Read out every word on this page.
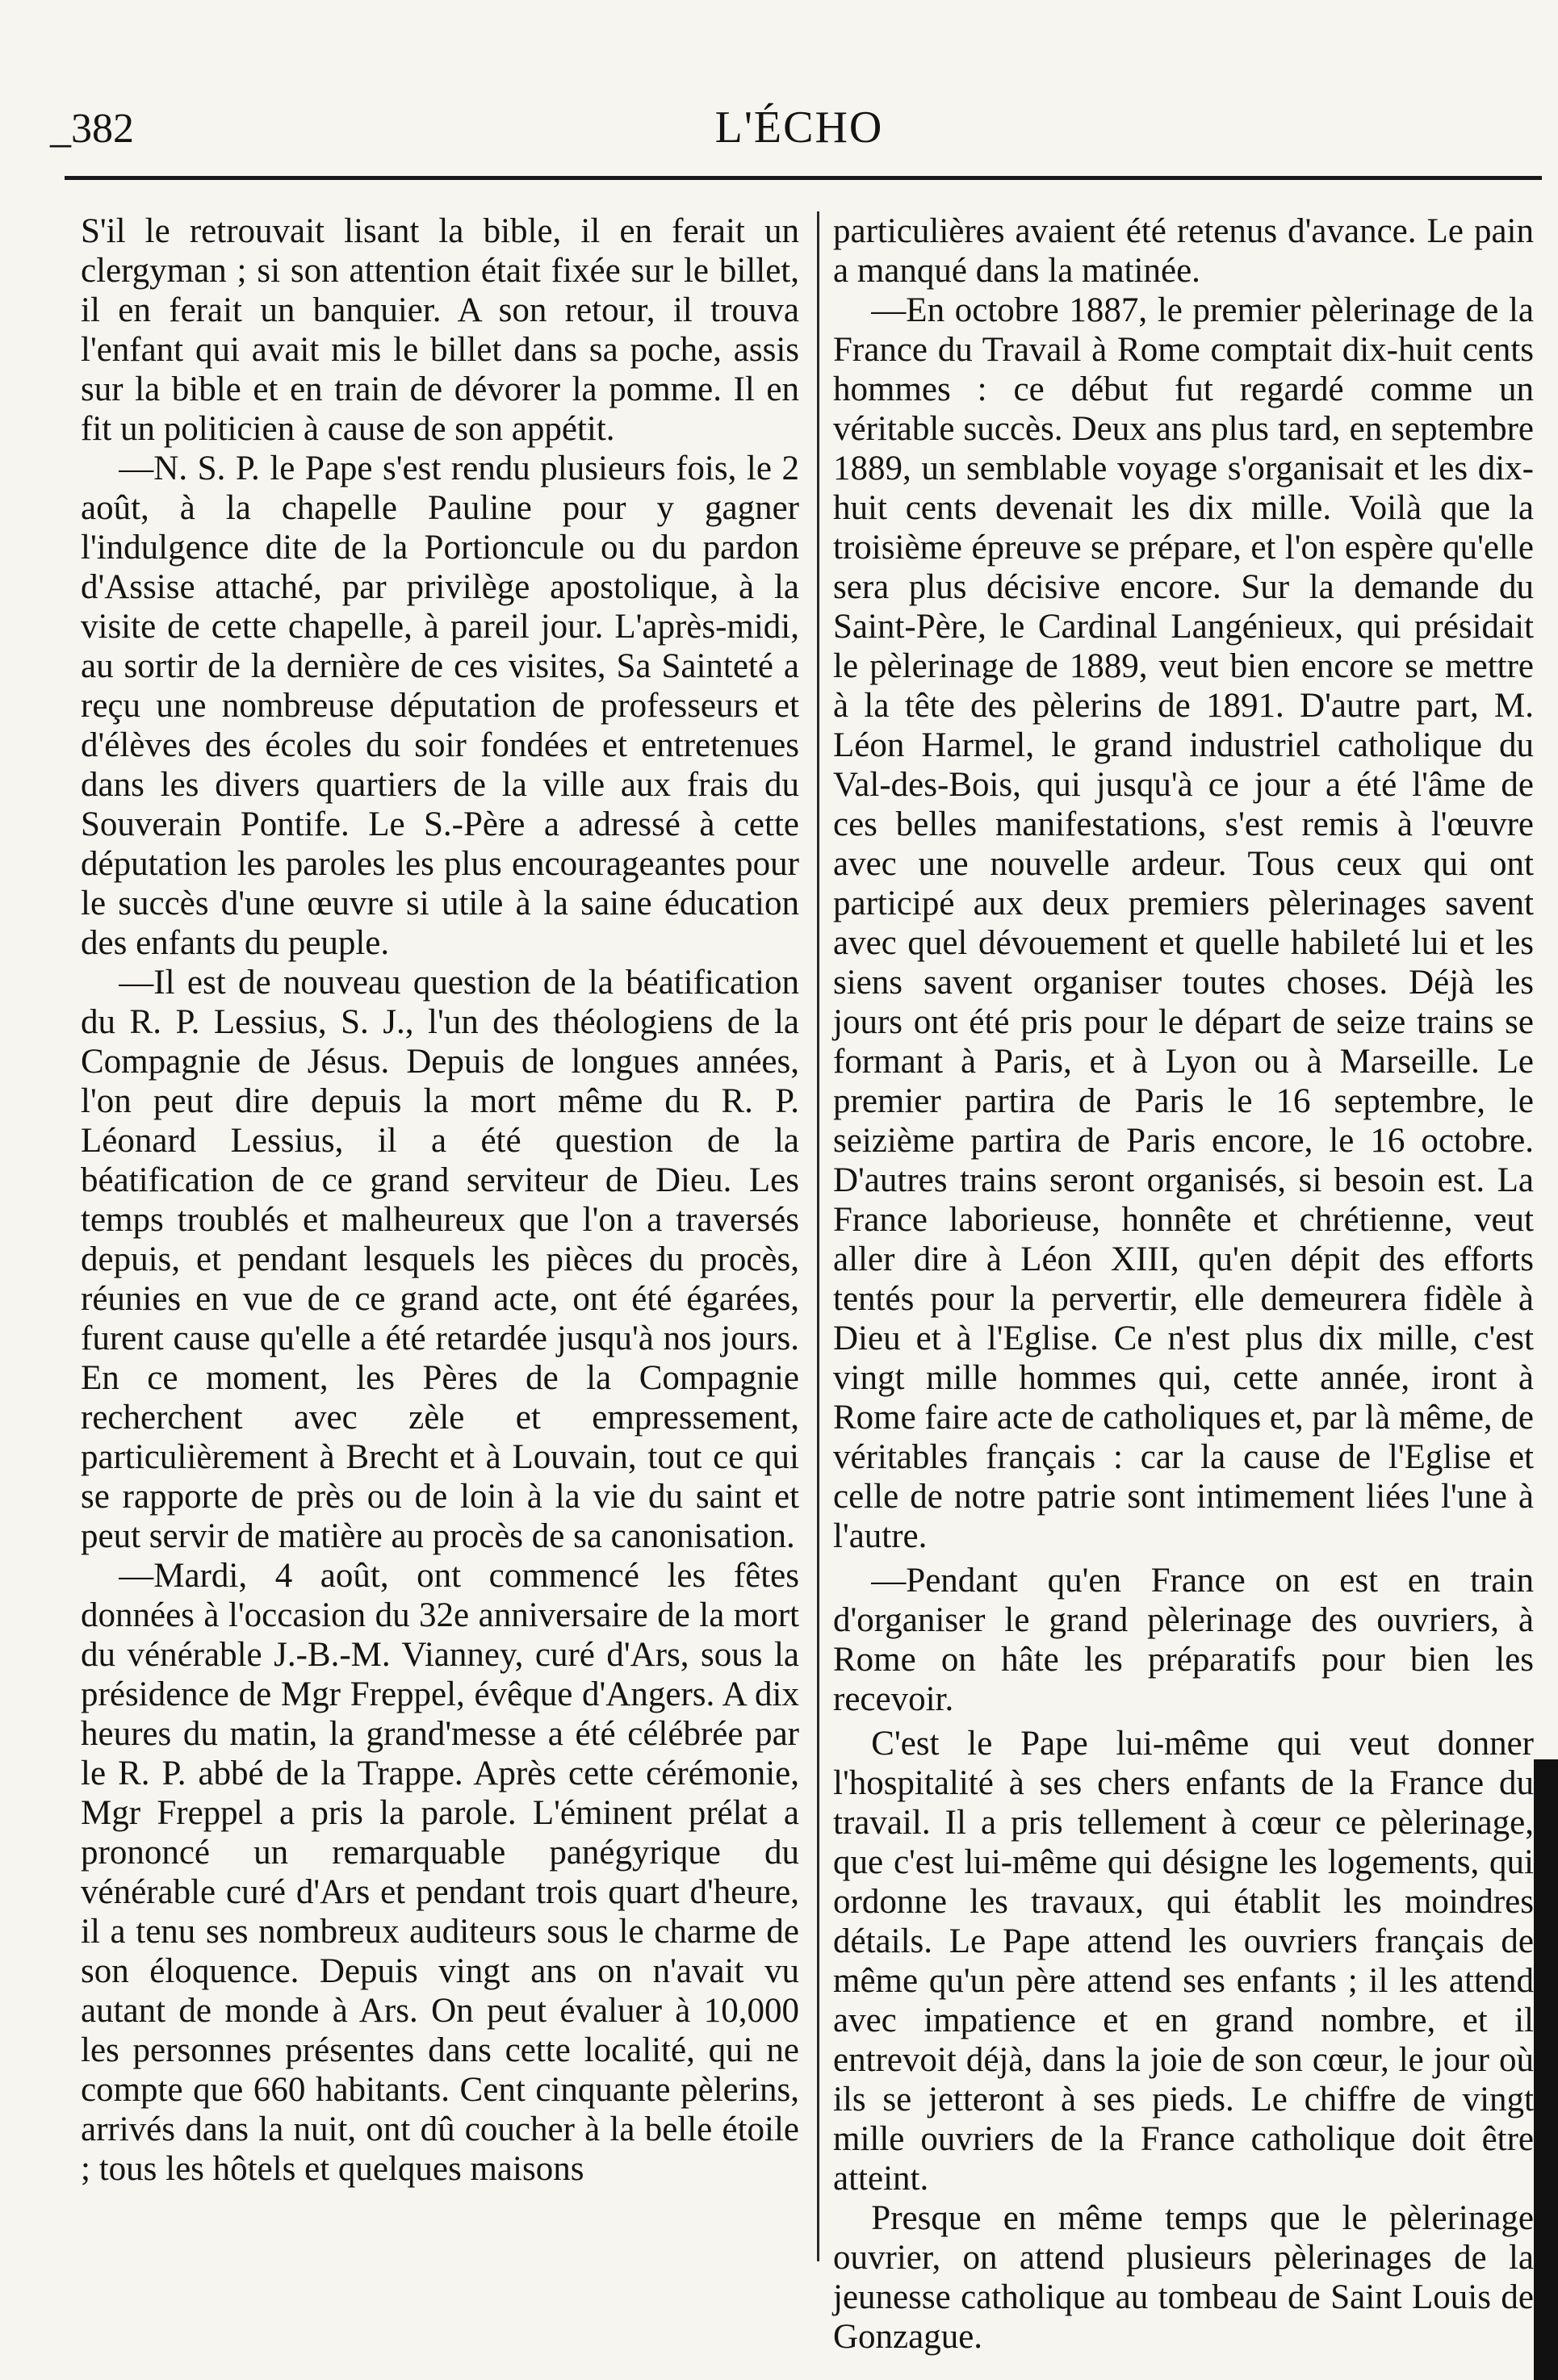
_382	L'ÉCHO

S'il le retrouvait lisant la bible, il en ferait un clergyman ; si son attention était fixée sur le billet, il en ferait un banquier. A son retour, il trouva l'enfant qui avait mis le billet dans sa poche, assis sur la bible et en train de dévorer la pomme. Il en fit un politicien à cause de son appétit.

—N. S. P. le Pape s'est rendu plusieurs fois, le 2 août, à la chapelle Pauline pour y gagner l'indulgence dite de la Portioncule ou du pardon d'Assise attaché, par privilège apostolique, à la visite de cette chapelle, à pareil jour. L'après-midi, au sortir de la dernière de ces visites, Sa Sainteté a reçu une nombreuse députation de professeurs et d'élèves des écoles du soir fondées et entretenues dans les divers quartiers de la ville aux frais du Souverain Pontife. Le S.-Père a adressé à cette députation les paroles les plus encourageantes pour le succès d'une œuvre si utile à la saine éducation des enfants du peuple.

—Il est de nouveau question de la béatification du R. P. Lessius, S. J., l'un des théologiens de la Compagnie de Jésus. Depuis de longues années, l'on peut dire depuis la mort même du R. P. Léonard Lessius, il a été question de la béatification de ce grand serviteur de Dieu. Les temps troublés et malheureux que l'on a traversés depuis, et pendant lesquels les pièces du procès, réunies en vue de ce grand acte, ont été égarées, furent cause qu'elle a été retardée jusqu'à nos jours. En ce moment, les Pères de la Compagnie recherchent avec zèle et empressement, particulièrement à Brecht et à Louvain, tout ce qui se rapporte de près ou de loin à la vie du saint et peut servir de matière au procès de sa canonisation.

—Mardi, 4 août, ont commencé les fêtes données à l'occasion du 32e anniversaire de la mort du vénérable J.-B.-M. Vianney, curé d'Ars, sous la présidence de Mgr Freppel, évêque d'Angers. A dix heures du matin, la grand'messe a été célébrée par le R. P. abbé de la Trappe. Après cette cérémonie, Mgr Freppel a pris la parole. L'éminent prélat a prononcé un remarquable panégyrique du vénérable curé d'Ars et pendant trois quart d'heure, il a tenu ses nombreux auditeurs sous le charme de son éloquence. Depuis vingt ans on n'avait vu autant de monde à Ars. On peut évaluer à 10,000 les personnes présentes dans cette localité, qui ne compte que 660 habitants. Cent cinquante pèlerins, arrivés dans la nuit, ont dû coucher à la belle étoile ; tous les hôtels et quelques maisons

particulières avaient été retenus d'avance. Le pain a manqué dans la matinée.

—En octobre 1887, le premier pèlerinage de la France du Travail à Rome comptait dix-huit cents hommes : ce début fut regardé comme un véritable succès. Deux ans plus tard, en septembre 1889, un semblable voyage s'organisait et les dix-huit cents devenait les dix mille. Voilà que la troisième épreuve se prépare, et l'on espère qu'elle sera plus décisive encore. Sur la demande du Saint-Père, le Cardinal Langénieux, qui présidait le pèlerinage de 1889, veut bien encore se mettre à la tête des pèlerins de 1891. D'autre part, M. Léon Harmel, le grand industriel catholique du Val-des-Bois, qui jusqu'à ce jour a été l'âme de ces belles manifestations, s'est remis à l'œuvre avec une nouvelle ardeur. Tous ceux qui ont participé aux deux premiers pèlerinages savent avec quel dévouement et quelle habileté lui et les siens savent organiser toutes choses. Déjà les jours ont été pris pour le départ de seize trains se formant à Paris, et à Lyon ou à Marseille. Le premier partira de Paris le 16 septembre, le seizième partira de Paris encore, le 16 octobre. D'autres trains seront organisés, si besoin est. La France laborieuse, honnête et chrétienne, veut aller dire à Léon XIII, qu'en dépit des efforts tentés pour la pervertir, elle demeurera fidèle à Dieu et à l'Eglise. Ce n'est plus dix mille, c'est vingt mille hommes qui, cette année, iront à Rome faire acte de catholiques et, par là même, de véritables français : car la cause de l'Eglise et celle de notre patrie sont intimement liées l'une à l'autre.

—Pendant qu'en France on est en train d'organiser le grand pèlerinage des ouvriers, à Rome on hâte les préparatifs pour bien les recevoir.

C'est le Pape lui-même qui veut donner l'hospitalité à ses chers enfants de la France du travail. Il a pris tellement à cœur ce pèlerinage, que c'est lui-même qui désigne les logements, qui ordonne les travaux, qui établit les moindres détails. Le Pape attend les ouvriers français de même qu'un père attend ses enfants ; il les attend avec impatience et en grand nombre, et il entrevoit déjà, dans la joie de son cœur, le jour où ils se jetteront à ses pieds. Le chiffre de vingt mille ouvriers de la France catholique doit être atteint.

Presque en même temps que le pèlerinage ouvrier, on attend plusieurs pèlerinages de la jeunesse catholique au tombeau de Saint Louis de Gonzague.
